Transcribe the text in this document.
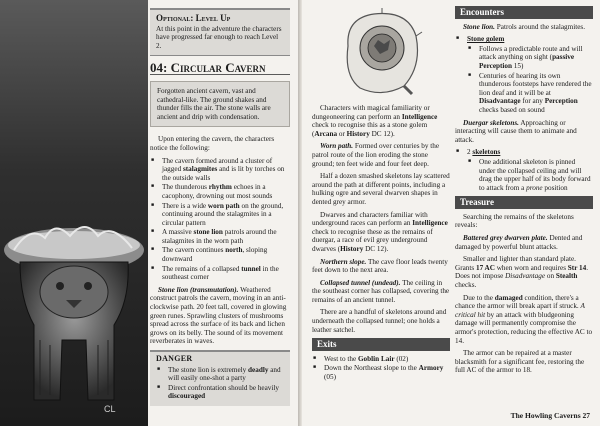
CL
Optional: Level Up

At this point in the adventure the characters have progressed far enough to reach Level 2.

04: Circular Cavern

Forgotten ancient cavern, vast and cathedral-like. The ground shakes and thunder fills the air. The stone walls are ancient and drip with condensation.

Upon entering the cavern, the characters notice the following:

■ The cavern formed around a cluster of jagged stalagmites and is lit by torches on the outside walls
■ The thunderous rhythm echoes in a cacophony, drowning out most sounds
■ There is a wide worn path on the ground, continuing around the stalagmites in a circular pattern
■ A massive stone lion patrols around the stalagmites in the worn path
■ The cavern continues north, sloping downward
■ The remains of a collapsed tunnel in the southeast corner

Stone lion (transmutation). Weathered construct patrols the cavern, moving in an anti-clockwise path. 20 feet tall, covered in glowing green runes. Sprawling clusters of mushrooms spread across the surface of its back and lichen grows on its belly. The sound of its movement reverberates in waves.

DANGER
■ The stone lion is extremely deadly and will easily one-shot a party
■ Direct confrontation should be heavily discouraged

Characters with magical familiarity or dungeoneering can perform an Intelligence check to recognise this as a stone golem (Arcana or History DC 12).

Worn path. Formed over centuries by the patrol route of the lion eroding the stone ground; ten feet wide and four feet deep.

Half a dozen smashed skeletons lay scattered around the path at different points, including a hulking ogre and several dwarven shapes in dented grey armor.

Dwarves and characters familiar with underground races can perform an Intelligence check to recognise these as the remains of duergar, a race of evil grey underground dwarves (History DC 12).

Northern slope. The cave floor leads twenty feet down to the next area.

Collapsed tunnel (undead). The ceiling in the southeast corner has collapsed, covering the remains of an ancient tunnel.

There are a handful of skeletons around and underneath the collapsed tunnel; one holds a leather satchel.

Exits
■ West to the Goblin Lair (02)
■ Down the Northeast slope to the Armory (05)
Encounters

Stone lion. Patrols around the stalagmites.

■ Stone golem
■ Follows a predictable route and will attack anything on sight (passive Perception 15)
■ Centuries of hearing its own thunderous footsteps have rendered the lion deaf and it will be at Disadvantage for any Perception checks based on sound

Duergar skeletons. Approaching or interacting will cause them to animate and attack.

■ 2 skeletons
■ One additional skeleton is pinned under the collapsed ceiling and will drag the upper half of its body forward to attack from a prone position
Treasure

Searching the remains of the skeletons reveals:

Battered grey dwarven plate. Dented and damaged by powerful blunt attacks.

Smaller and lighter than standard plate. Grants 17 AC when worn and requires Str 14. Does not impose Disadvantage on Stealth checks.

Due to the damaged condition, there's a chance the armor will break apart if struck. A critical hit by an attack with bludgeoning damage will permanently compromise the armor's protection, reducing the effective AC to 14.

The armor can be repaired at a master blacksmith for a significant fee, restoring the full AC of the armor to 18.

The Howling Caverns 27
